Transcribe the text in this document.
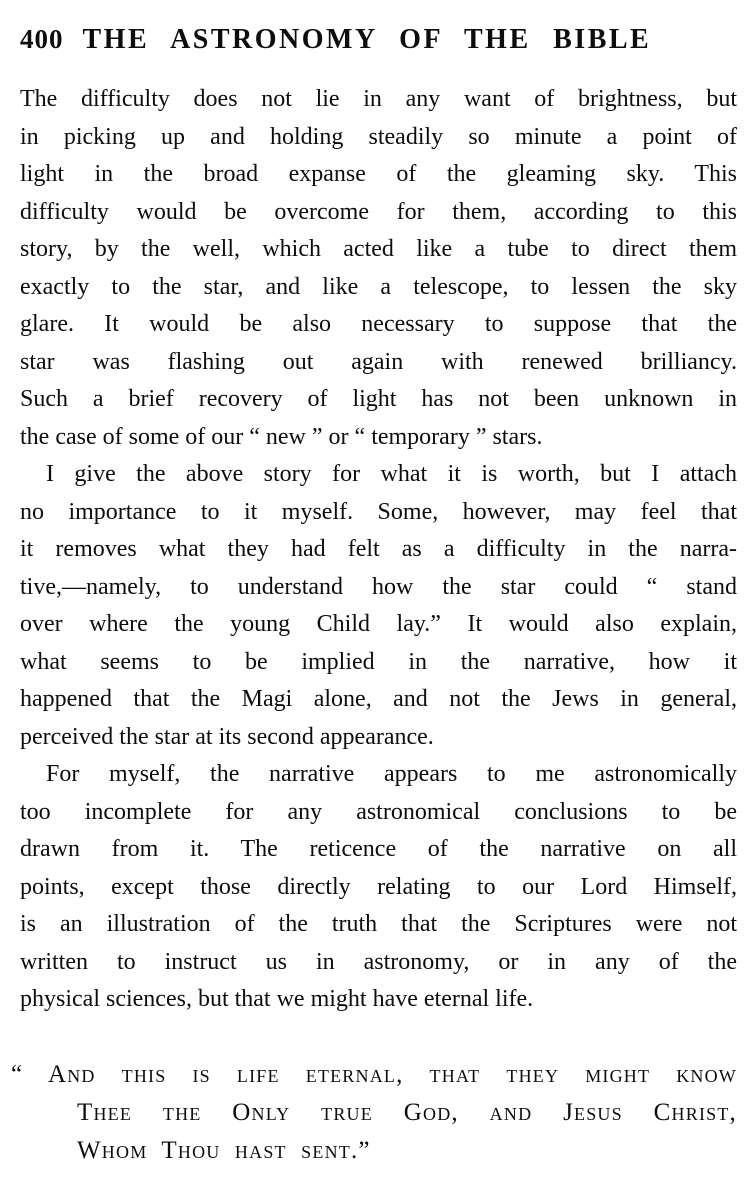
400 THE ASTRONOMY OF THE BIBLE
The difficulty does not lie in any want of brightness, but
in picking up and holding steadily so minute a point of
light in the broad expanse of the gleaming sky. This
difficulty would be overcome for them, according to this
story, by the well, which acted like a tube to direct them
exactly to the star, and like a telescope, to lessen the sky
glare. It would be also necessary to suppose that the
star was flashing out again with renewed brilliancy.
Such a brief recovery of light has not been unknown in
the case of some of our “ new ” or “ temporary ” stars.
I give the above story for what it is worth, but I attach
no importance to it myself. Some, however, may feel that
it removes what they had felt as a difficulty in the narra-
tive,—namely, to understand how the star could “ stand
over where the young Child lay.” It would also explain,
what seems to be implied in the narrative, how it
happened that the Magi alone, and not the Jews in general,
perceived the star at its second appearance.
For myself, the narrative appears to me astronomically
too incomplete for any astronomical conclusions to be
drawn from it. The reticence of the narrative on all
points, except those directly relating to our Lord Himself,
is an illustration of the truth that the Scriptures were not
written to instruct us in astronomy, or in any of the
physical sciences, but that we might have eternal life.
“ And this is life eternal, that they might know
Thee the Only true God, and Jesus Christ,
Whom Thou hast sent.”
